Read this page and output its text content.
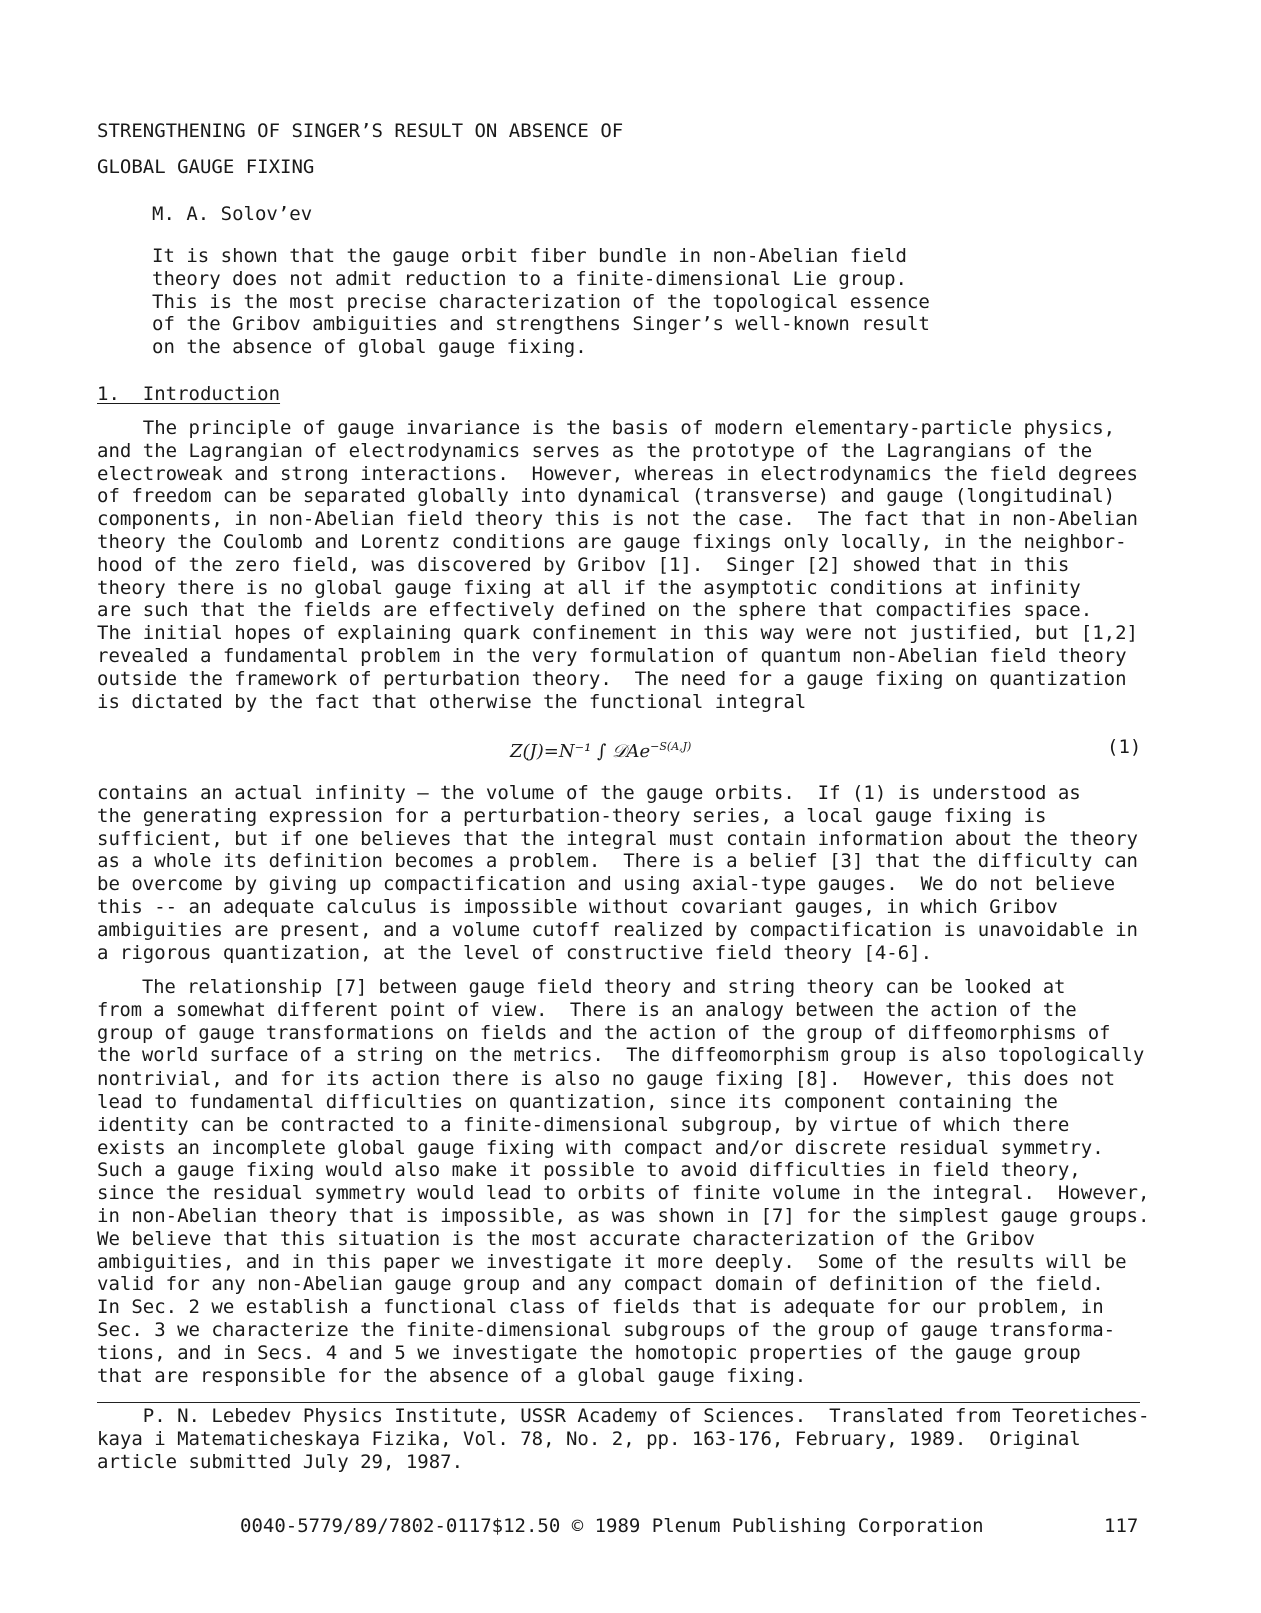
STRENGTHENING OF SINGER’S RESULT ON ABSENCE OF
GLOBAL GAUGE FIXING
M. A. Solov’ev
It is shown that the gauge orbit fiber bundle in non-Abelian field
theory does not admit reduction to a finite-dimensional Lie group.
This is the most precise characterization of the topological essence
of the Gribov ambiguities and strengthens Singer’s well-known result
on the absence of global gauge fixing.
1.  Introduction
The principle of gauge invariance is the basis of modern elementary-particle physics,
and the Lagrangian of electrodynamics serves as the prototype of the Lagrangians of the
electroweak and strong interactions.  However, whereas in electrodynamics the field degrees
of freedom can be separated globally into dynamical (transverse) and gauge (longitudinal)
components, in non-Abelian field theory this is not the case.  The fact that in non-Abelian
theory the Coulomb and Lorentz conditions are gauge fixings only locally, in the neighbor-
hood of the zero field, was discovered by Gribov [1].  Singer [2] showed that in this
theory there is no global gauge fixing at all if the asymptotic conditions at infinity
are such that the fields are effectively defined on the sphere that compactifies space.
The initial hopes of explaining quark confinement in this way were not justified, but [1,2]
revealed a fundamental problem in the very formulation of quantum non-Abelian field theory
outside the framework of perturbation theory.  The need for a gauge fixing on quantization
is dictated by the fact that otherwise the functional integral
Z(J)=N⁻¹ ∫ 𝒟Ae$^{-S(A,J)}$	(1)
contains an actual infinity — the volume of the gauge orbits.  If (1) is understood as
the generating expression for a perturbation-theory series, a local gauge fixing is
sufficient, but if one believes that the integral must contain information about the theory
as a whole its definition becomes a problem.  There is a belief [3] that the difficulty can
be overcome by giving up compactification and using axial-type gauges.  We do not believe
this -- an adequate calculus is impossible without covariant gauges, in which Gribov
ambiguities are present, and a volume cutoff realized by compactification is unavoidable in
a rigorous quantization, at the level of constructive field theory [4-6].
The relationship [7] between gauge field theory and string theory can be looked at
from a somewhat different point of view.  There is an analogy between the action of the
group of gauge transformations on fields and the action of the group of diffeomorphisms of
the world surface of a string on the metrics.  The diffeomorphism group is also topologically
nontrivial, and for its action there is also no gauge fixing [8].  However, this does not
lead to fundamental difficulties on quantization, since its component containing the
identity can be contracted to a finite-dimensional subgroup, by virtue of which there
exists an incomplete global gauge fixing with compact and/or discrete residual symmetry.
Such a gauge fixing would also make it possible to avoid difficulties in field theory,
since the residual symmetry would lead to orbits of finite volume in the integral.  However,
in non-Abelian theory that is impossible, as was shown in [7] for the simplest gauge groups.
We believe that this situation is the most accurate characterization of the Gribov
ambiguities, and in this paper we investigate it more deeply.  Some of the results will be
valid for any non-Abelian gauge group and any compact domain of definition of the field.
In Sec. 2 we establish a functional class of fields that is adequate for our problem, in
Sec. 3 we characterize the finite-dimensional subgroups of the group of gauge transforma-
tions, and in Secs. 4 and 5 we investigate the homotopic properties of the gauge group
that are responsible for the absence of a global gauge fixing.
P. N. Lebedev Physics Institute, USSR Academy of Sciences.  Translated from Teoretiches-
kaya i Matematicheskaya Fizika, Vol. 78, No. 2, pp. 163-176, February, 1989.  Original
article submitted July 29, 1987.
0040-5779/89/7802-0117$12.50 © 1989 Plenum Publishing Corporation	117
